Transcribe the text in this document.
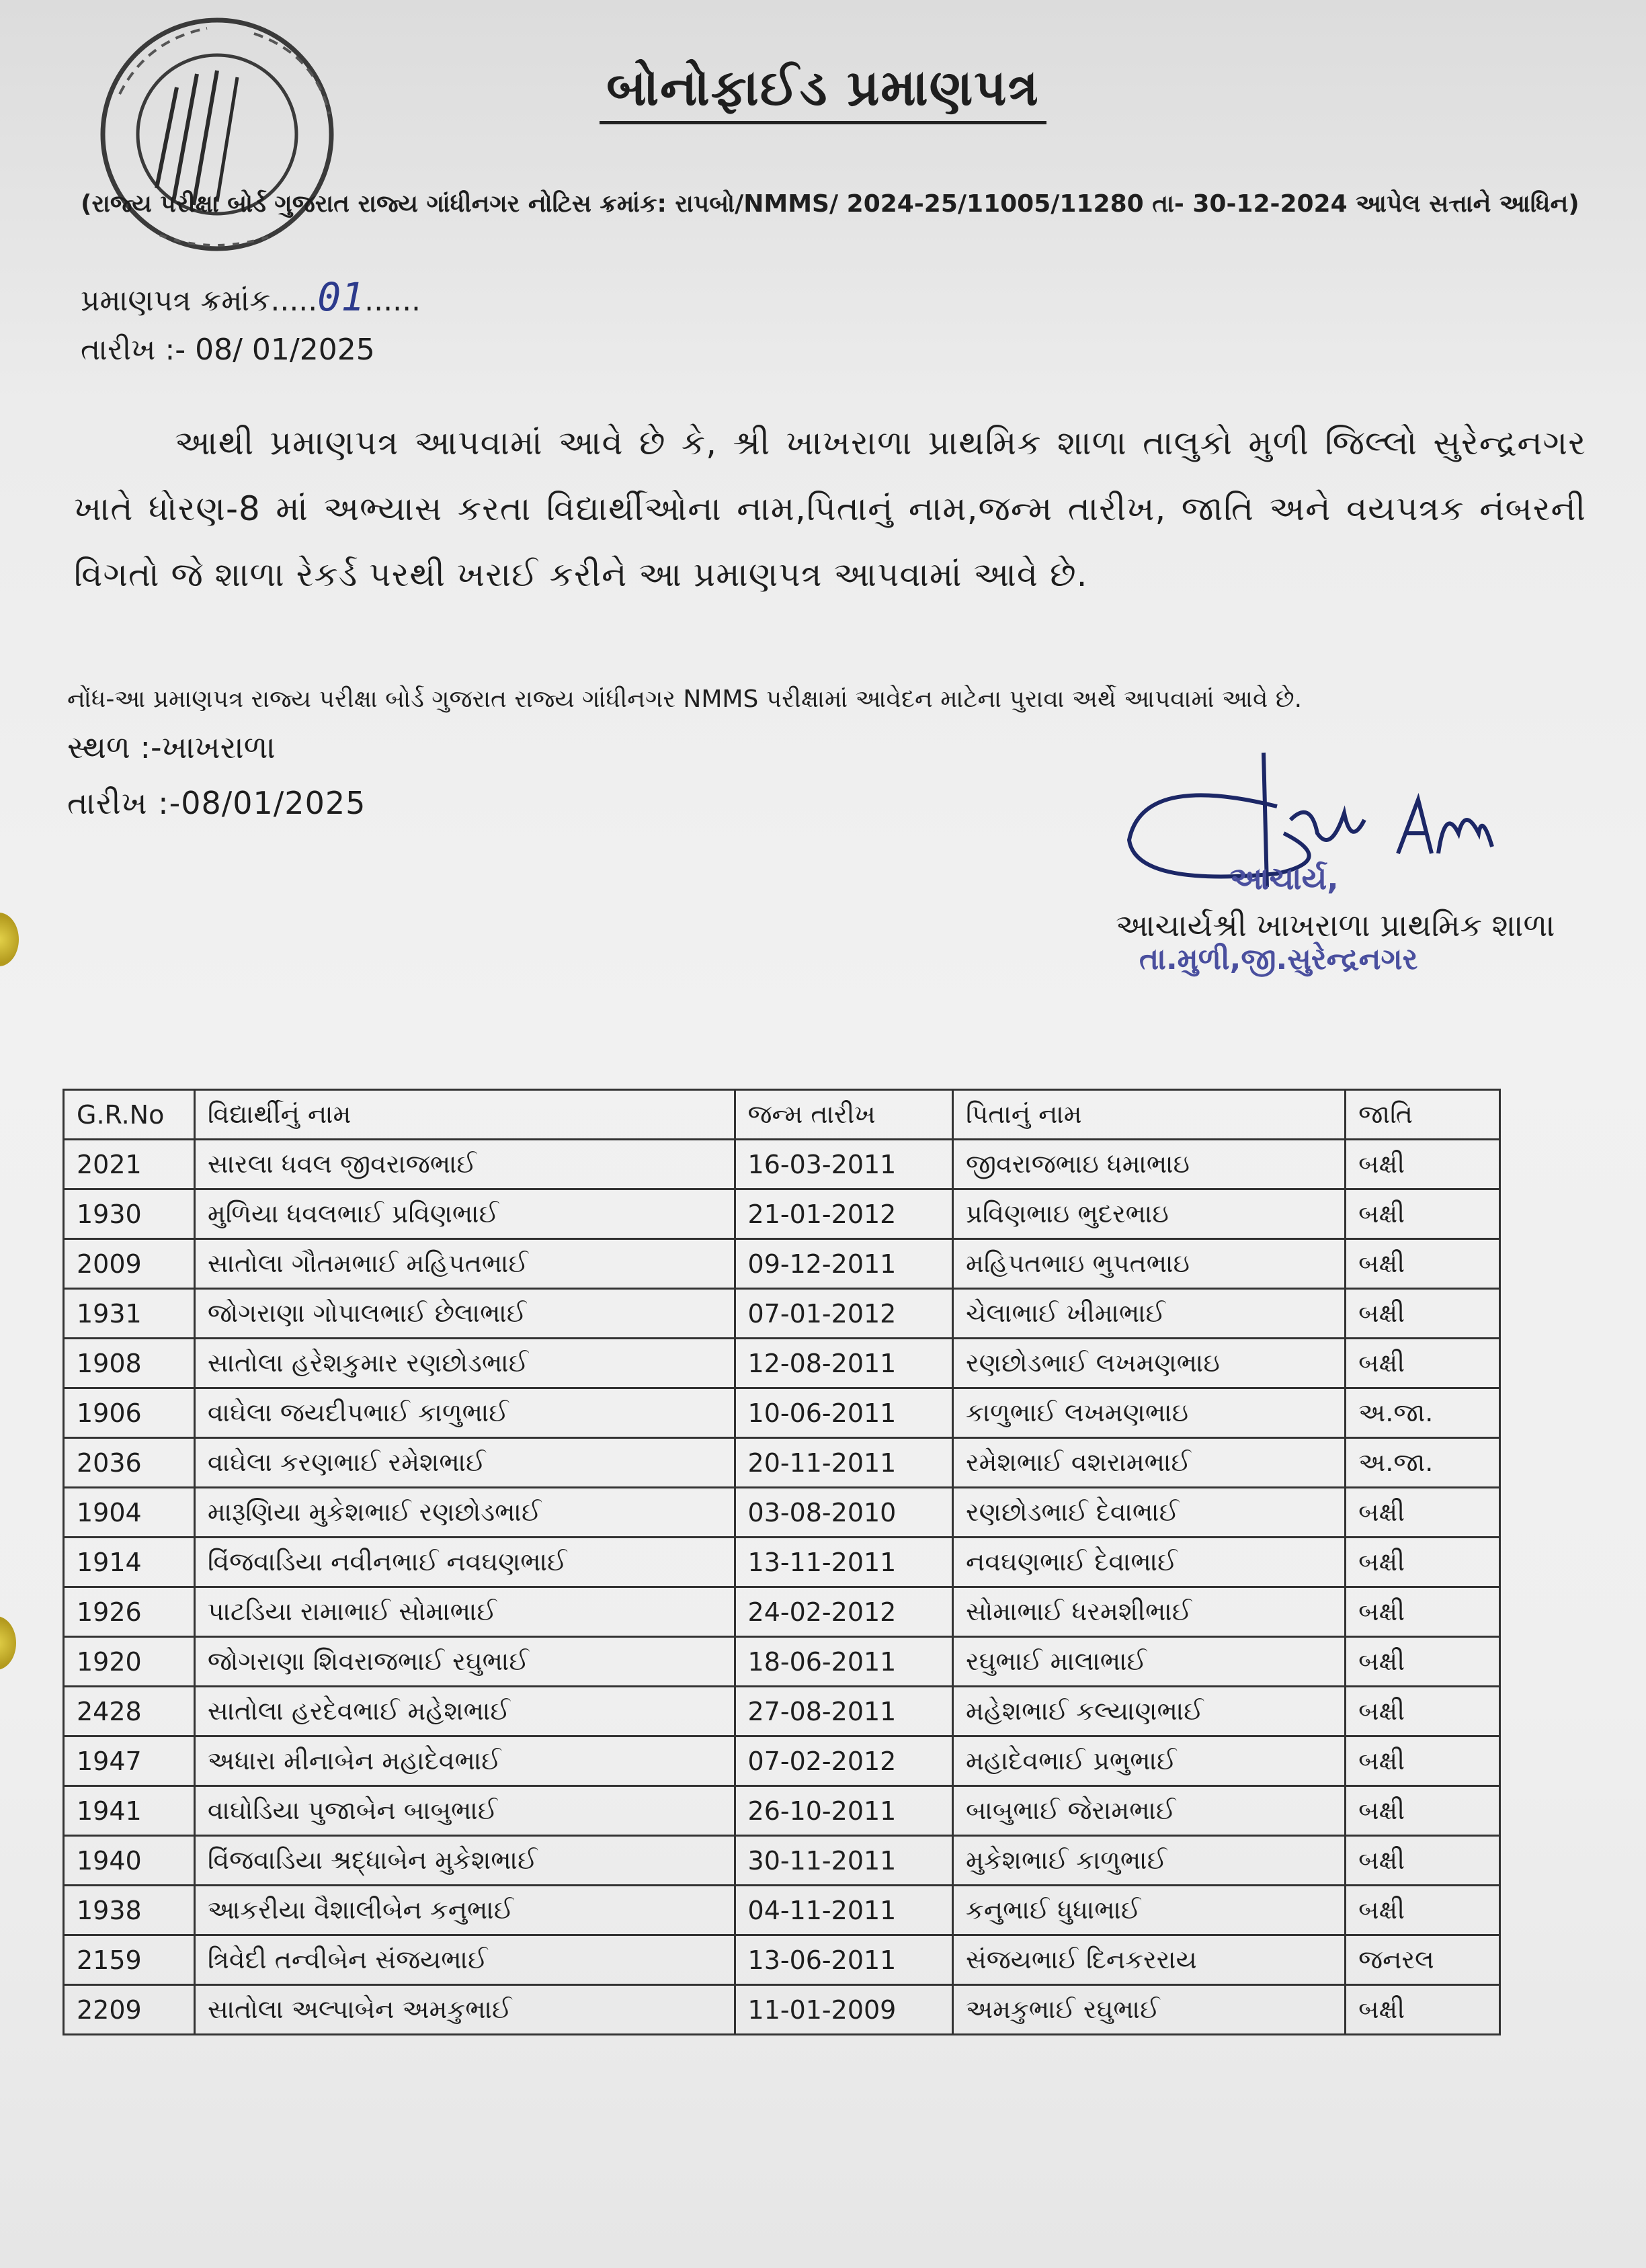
બોનોફાઈડ પ્રમાણપત્ર
(રાજ્ય પરીક્ષા બોર્ડ ગુજરાત રાજ્ય ગાંધીનગર નોટિસ ક્રમાંક: રાપબો/NMMS/ 2024-25/11005/11280 તા- 30-12-2024 આપેલ સત્તાને આધિન)
પ્રમાણપત્ર ક્રમાંક.....01......
તારીખ :- 08/ 01/2025
આથી પ્રમાણપત્ર આપવામાં આવે છે કે, શ્રી ખાખરાળા પ્રાથમિક શાળા તાલુકો મુળી જિલ્લો સુરેન્દ્રનગર ખાતે ધોરણ-8 માં અભ્યાસ કરતા વિદ્યાર્થીઓના નામ,પિતાનું નામ,જન્મ તારીખ, જાતિ અને વયપત્રક નંબરની વિગતો જે શાળા રેકર્ડ પરથી ખરાઈ કરીને આ પ્રમાણપત્ર આપવામાં આવે છે.
નોંધ-આ પ્રમાણપત્ર રાજ્ય પરીક્ષા બોર્ડ ગુજરાત રાજ્ય ગાંધીનગર NMMS પરીક્ષામાં આવેદન માટેના પુરાવા અર્થે આપવામાં આવે છે.
સ્થળ :-ખાખરાળા
તારીખ :-08/01/2025
આચાર્ય,
આચાર્યશ્રી ખાખરાળા પ્રાથમિક શાળા
તા.મુળી,જી.સુરેન્દ્રનગર
G.R.No	વિદ્યાર્થીનું નામ	જન્મ તારીખ	પિતાનું નામ	જાતિ
2021	સારલા ધવલ જીવરાજભાઈ	16-03-2011	જીવરાજભાઇ ધમાભાઇ	બક્ષી
1930	મુળિયા ધવલભાઈ પ્રવિણભાઈ	21-01-2012	પ્રવિણભાઇ ભુદરભાઇ	બક્ષી
2009	સાતોલા ગૌતમભાઈ મહિપતભાઈ	09-12-2011	મહિપતભાઇ ભુપતભાઇ	બક્ષી
1931	જોગરાણા ગોપાલભાઈ છેલાભાઈ	07-01-2012	ચેલાભાઈ ખીમાભાઈ	બક્ષી
1908	સાતોલા હરેશકુમાર રણછોડભાઈ	12-08-2011	રણછોડભાઈ લખમણભાઇ	બક્ષી
1906	વાઘેલા જયદીપભાઈ કાળુભાઈ	10-06-2011	કાળુભાઈ લખમણભાઇ	અ.જા.
2036	વાઘેલા કરણભાઈ રમેશભાઈ	20-11-2011	રમેશભાઈ વશરામભાઈ	અ.જા.
1904	મારૂણિયા મુકેશભાઈ રણછોડભાઈ	03-08-2010	રણછોડભાઈ દેવાભાઈ	બક્ષી
1914	વિંજવાડિયા નવીનભાઈ નવઘણભાઈ	13-11-2011	નવઘણભાઈ દેવાભાઈ	બક્ષી
1926	પાટડિયા રામાભાઈ સોમાભાઈ	24-02-2012	સોમાભાઈ ધરમશીભાઈ	બક્ષી
1920	જોગરાણા શિવરાજભાઈ રઘુભાઈ	18-06-2011	રઘુભાઈ માલાભાઈ	બક્ષી
2428	સાતોલા હરદેવભાઈ મહેશભાઈ	27-08-2011	મહેશભાઈ કલ્યાણભાઈ	બક્ષી
1947	અધારા મીનાબેન મહાદેવભાઈ	07-02-2012	મહાદેવભાઈ પ્રભુભાઈ	બક્ષી
1941	વાઘોડિયા પુજાબેન બાબુભાઈ	26-10-2011	બાબુભાઈ જેરામભાઈ	બક્ષી
1940	વિંજવાડિયા શ્રદ્ધાબેન મુકેશભાઈ	30-11-2011	મુકેશભાઈ કાળુભાઈ	બક્ષી
1938	આકરીયા વૈશાલીબેન કનુભાઈ	04-11-2011	કનુભાઈ ધુધાભાઈ	બક્ષી
2159	ત્રિવેદી તન્વીબેન સંજયભાઈ	13-06-2011	સંજયભાઈ દિનકરરાય	જનરલ
2209	સાતોલા અલ્પાબેન અમકુભાઈ	11-01-2009	અમકુભાઈ રઘુભાઈ	બક્ષી
